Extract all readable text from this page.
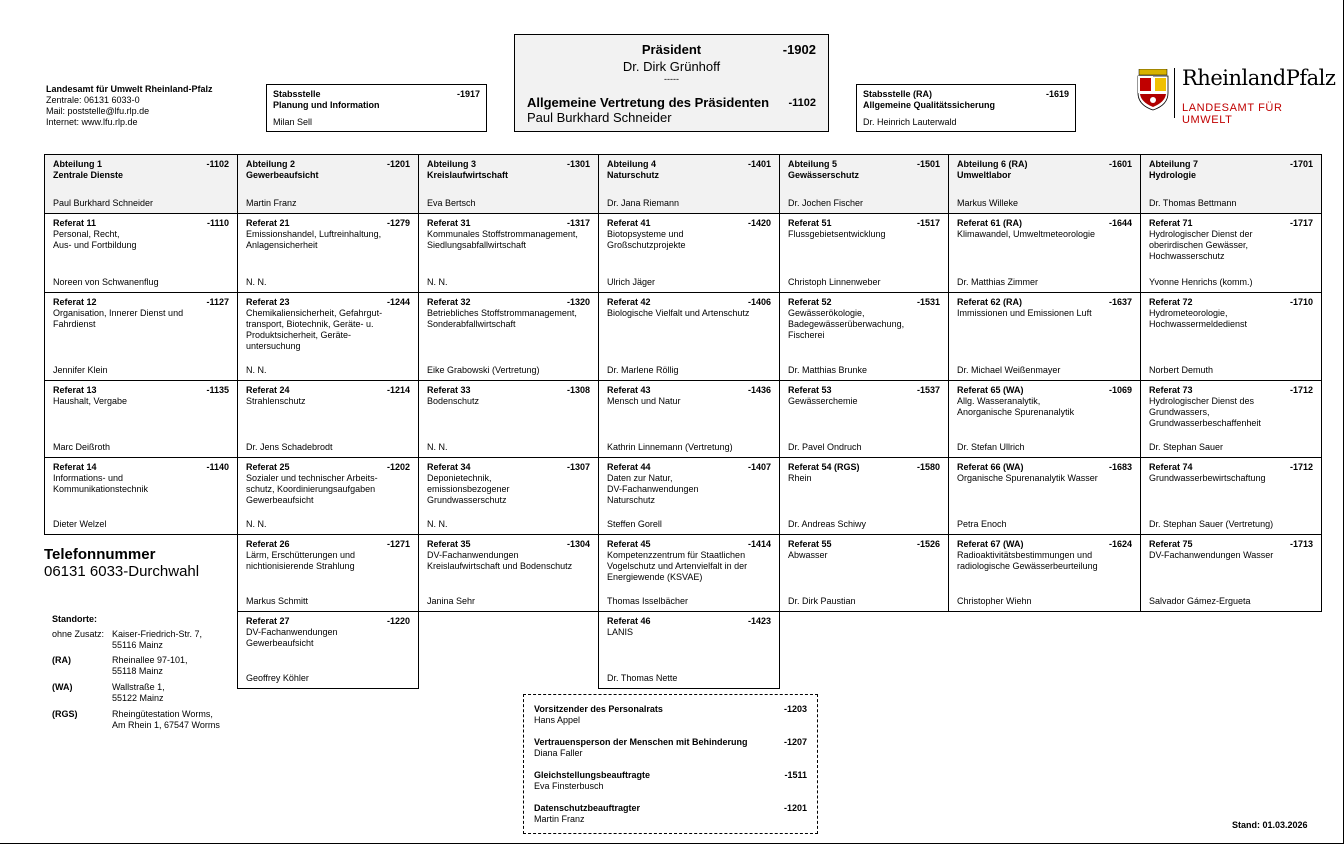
Landesamt für Umwelt Rheinland-Pfalz
Zentrale: 06131 6033-0
Mail: poststelle@lfu.rlp.de
Internet: www.lfu.rlp.de
Stabsstelle	-1917
Planung und Information
Milan Sell
Präsident	-1902
Dr. Dirk Grünhoff
-----
Allgemeine Vertretung des Präsidenten -1102
Paul Burkhard Schneider
Stabsstelle (RA)	-1619
Allgemeine Qualitätssicherung
Dr. Heinrich Lauterwald
RheinlandPfalz
LANDESAMT FÜR UMWELT
Abteilung 1	-1102
Zentrale Dienste
Paul Burkhard Schneider
Referat 11	-1110
Personal, Recht,
Aus- und Fortbildung
Noreen von Schwanenflug
Referat 12	-1127
Organisation, Innerer Dienst und
Fahrdienst
Jennifer Klein
Referat 13	-1135
Haushalt, Vergabe
Marc Deißroth
Referat 14	-1140
Informations- und
Kommunikationstechnik
Dieter Welzel
Abteilung 2	-1201
Gewerbeaufsicht
Martin Franz
Referat 21	-1279
Emissionshandel, Luftreinhaltung,
Anlagensicherheit
N. N.
Referat 23	-1244
Chemikaliensicherheit, Gefahrgut-
transport, Biotechnik, Geräte- u.
Produktsicherheit, Geräte-
untersuchung
N. N.
Referat 24	-1214
Strahlenschutz
Dr. Jens Schadebrodt
Referat 25	-1202
Sozialer und technischer Arbeits-
schutz, Koordinierungsaufgaben
Gewerbeaufsicht
N. N.
Referat 26	-1271
Lärm, Erschütterungen und
nichtionisierende Strahlung
Markus Schmitt
Referat 27	-1220
DV-Fachanwendungen
Gewerbeaufsicht
Geoffrey Köhler
Abteilung 3	-1301
Kreislaufwirtschaft
Eva Bertsch
Referat 31	-1317
Kommunales Stoffstrommanagement,
Siedlungsabfallwirtschaft
N. N.
Referat 32	-1320
Betriebliches Stoffstrommanagement,
Sonderabfallwirtschaft
Eike Grabowski (Vertretung)
Referat 33	-1308
Bodenschutz
N. N.
Referat 34	-1307
Deponietechnik,
emissionsbezogener
Grundwasserschutz
N. N.
Referat 35	-1304
DV-Fachanwendungen
Kreislaufwirtschaft und Bodenschutz
Janina Sehr
Abteilung 4	-1401
Naturschutz
Dr. Jana Riemann
Referat 41	-1420
Biotopsysteme und
Großschutzprojekte
Ulrich Jäger
Referat 42	-1406
Biologische Vielfalt und Artenschutz
Dr. Marlene Röllig
Referat 43	-1436
Mensch und Natur
Kathrin Linnemann (Vertretung)
Referat 44	-1407
Daten zur Natur,
DV-Fachanwendungen
Naturschutz
Steffen Gorell
Referat 45	-1414
Kompetenzzentrum für Staatlichen
Vogelschutz und Artenvielfalt in der
Energiewende (KSVAE)
Thomas Isselbächer
Referat 46	-1423
LANIS
Dr. Thomas Nette
Abteilung 5	-1501
Gewässerschutz
Dr. Jochen Fischer
Referat 51	-1517
Flussgebietsentwicklung
Christoph Linnenweber
Referat 52	-1531
Gewässerökologie,
Badegewässerüberwachung,
Fischerei
Dr. Matthias Brunke
Referat 53	-1537
Gewässerchemie
Dr. Pavel Ondruch
Referat 54 (RGS)	-1580
Rhein
Dr. Andreas Schiwy
Referat 55	-1526
Abwasser
Dr. Dirk Paustian
Abteilung 6 (RA)	-1601
Umweltlabor
Markus Willeke
Referat 61 (RA)	-1644
Klimawandel, Umweltmeteorologie
Dr. Matthias Zimmer
Referat 62 (RA)	-1637
Immissionen und Emissionen Luft
Dr. Michael Weißenmayer
Referat 65 (WA)	-1069
Allg. Wasseranalytik,
Anorganische Spurenanalytik
Dr. Stefan Ullrich
Referat 66 (WA)	-1683
Organische Spurenanalytik Wasser
Petra Enoch
Referat 67 (WA)	-1624
Radioaktivitätsbestimmungen und
radiologische Gewässerbeurteilung
Christopher Wiehn
Abteilung 7	-1701
Hydrologie
Dr. Thomas Bettmann
Referat 71	-1717
Hydrologischer Dienst der
oberirdischen Gewässer,
Hochwasserschutz
Yvonne Henrichs (komm.)
Referat 72	-1710
Hydrometeorologie,
Hochwassermeldedienst
Norbert Demuth
Referat 73	-1712
Hydrologischer Dienst des
Grundwassers,
Grundwasserbeschaffenheit
Dr. Stephan Sauer
Referat 74	-1712
Grundwasserbewirtschaftung
Dr. Stephan Sauer (Vertretung)
Referat 75	-1713
DV-Fachanwendungen Wasser
Salvador Gámez-Ergueta
Telefonnummer
06131 6033-Durchwahl
Standorte:
ohne Zusatz: Kaiser-Friedrich-Str. 7,
55116 Mainz
(RA)	Rheinallee 97-101,
55118 Mainz
(WA)	Wallstraße 1,
55122 Mainz
(RGS)	Rheingütestation Worms,
Am Rhein 1, 67547 Worms
Vorsitzender des Personalrats	-1203
Hans Appel
Vertrauensperson der Menschen mit Behinderung	-1207
Diana Faller
Gleichstellungsbeauftragte	-1511
Eva Finsterbusch
Datenschutzbeauftragter	-1201
Martin Franz
Stand: 01.03.2026
